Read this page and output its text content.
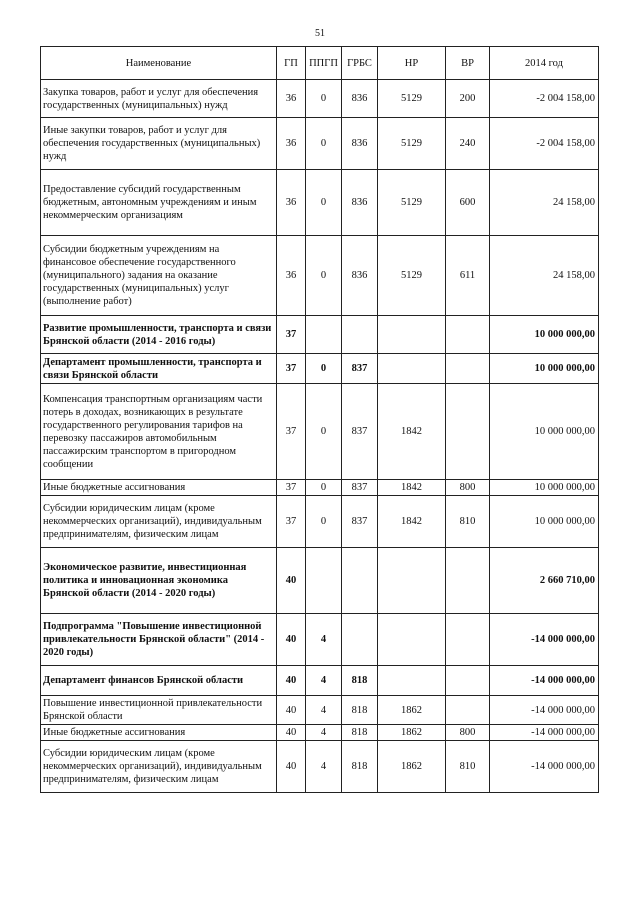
51
Наименование	ГП	ППГП	ГРБС	НР	ВР	2014 год
Закупка товаров, работ и услуг для обеспечения государственных (муниципальных) нужд	36	0	836	5129	200	-2 004 158,00
Иные закупки товаров, работ и услуг для обеспечения государственных (муниципальных) нужд	36	0	836	5129	240	-2 004 158,00
Предоставление субсидий государственным бюджетным, автономным учреждениям и иным некоммерческим организациям	36	0	836	5129	600	24 158,00
Субсидии бюджетным учреждениям на финансовое обеспечение государственного (муниципального) задания на оказание государственных (муниципальных) услуг (выполнение работ)	36	0	836	5129	611	24 158,00
Развитие промышленности, транспорта и связи Брянской области (2014 - 2016 годы)	37					10 000 000,00
Департамент промышленности, транспорта и связи Брянской области	37	0	837			10 000 000,00
Компенсация транспортным организациям части потерь в доходах, возникающих в результате государственного регулирования тарифов на перевозку пассажиров автомобильным пассажирским транспортом в пригородном сообщении	37	0	837	1842		10 000 000,00
Иные бюджетные ассигнования	37	0	837	1842	800	10 000 000,00
Субсидии юридическим лицам (кроме некоммерческих организаций), индивидуальным предпринимателям, физическим лицам	37	0	837	1842	810	10 000 000,00
Экономическое развитие, инвестиционная политика и инновационная экономика Брянской области (2014 - 2020 годы)	40					2 660 710,00
Подпрограмма "Повышение инвестиционной привлекательности Брянской области" (2014 - 2020 годы)	40	4				-14 000 000,00
Департамент финансов Брянской области	40	4	818			-14 000 000,00
Повышение инвестиционной привлекательности Брянской области	40	4	818	1862		-14 000 000,00
Иные бюджетные ассигнования	40	4	818	1862	800	-14 000 000,00
Субсидии юридическим лицам (кроме некоммерческих организаций), индивидуальным предпринимателям, физическим лицам	40	4	818	1862	810	-14 000 000,00
